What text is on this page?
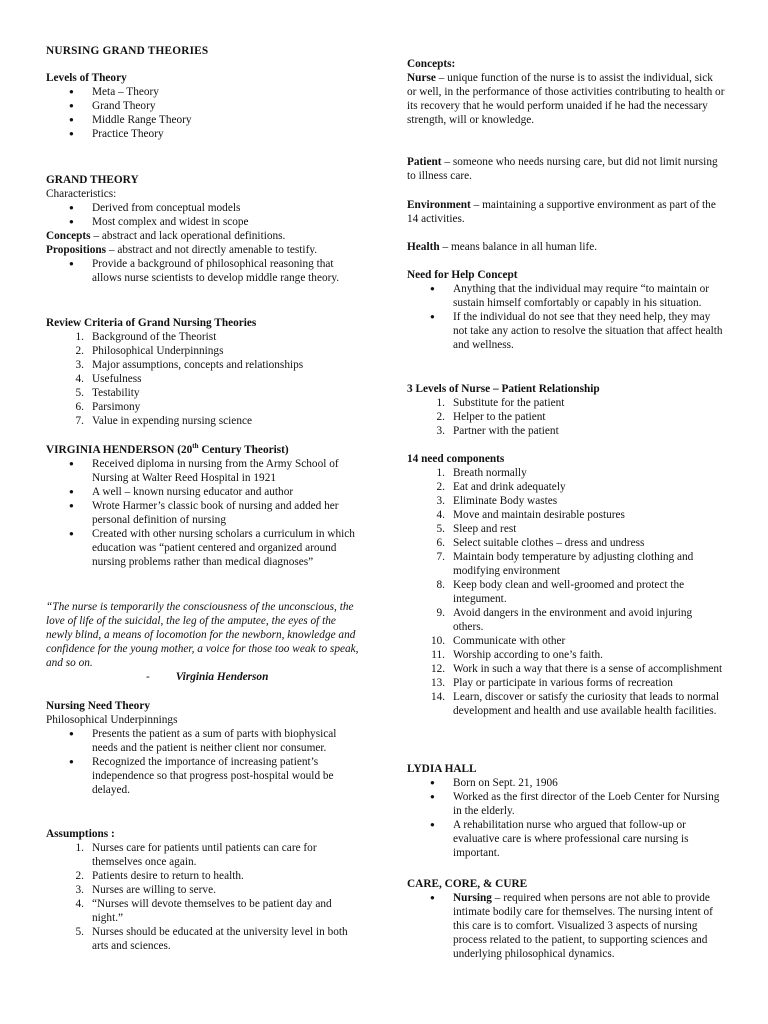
NURSING GRAND THEORIES
Levels of Theory
● Meta – Theory
● Grand Theory
● Middle Range Theory
● Practice Theory
GRAND THEORY
Characteristics:
● Derived from conceptual models
● Most complex and widest in scope

Concepts – abstract and lack operational definitions.

Propositions – abstract and not directly amenable to testify.

● Provide a background of philosophical reasoning that allows nurse scientists to develop middle range theory.
Review Criteria of Grand Nursing Theories
1. Background of the Theorist
2. Philosophical Underpinnings
3. Major assumptions, concepts and relationships
4. Usefulness
5. Testability
6. Parsimony
7. Value in expending nursing science
VIRGINIA HENDERSON (20th Century Theorist)
● Received diploma in nursing from the Army School of Nursing at Walter Reed Hospital in 1921
● A well – known nursing educator and author
● Wrote Harmer’s classic book of nursing and added her personal definition of nursing
● Created with other nursing scholars a curriculum in which education was “patient centered and organized around nursing problems rather than medical diagnoses”

“The nurse is temporarily the consciousness of the unconscious, the love of life of the suicidal, the leg of the amputee, the eyes of the newly blind, a means of locomotion for the newborn, knowledge and confidence for the young mother, a voice for those too weak to speak, and so on.

- Virginia Henderson

Nursing Need Theory
Philosophical Underpinnings
● Presents the patient as a sum of parts with biophysical needs and the patient is neither client nor consumer.
● Recognized the importance of increasing patient’s independence so that progress post-hospital would be delayed.
Assumptions :
1. Nurses care for patients until patients can care for themselves once again.
2. Patients desire to return to health.
3. Nurses are willing to serve.
4. “Nurses will devote themselves to be patient day and night.”
5. Nurses should be educated at the university level in both arts and sciences.
Concepts:

Nurse – unique function of the nurse is to assist the individual, sick or well, in the performance of those activities contributing to health or its recovery that he would perform unaided if he had the necessary strength, will or knowledge.

Patient – someone who needs nursing care, but did not limit nursing to illness care.

Environment – maintaining a supportive environment as part of the 14 activities.

Health – means balance in all human life.

Need for Help Concept
● Anything that the individual may require “to maintain or sustain himself comfortably or capably in his situation.
● If the individual do not see that they need help, they may not take any action to resolve the situation that affect health and wellness.
3 Levels of Nurse – Patient Relationship
1. Substitute for the patient
2. Helper to the patient
3. Partner with the patient
14 need components
1. Breath normally
2. Eat and drink adequately
3. Eliminate Body wastes
4. Move and maintain desirable postures
5. Sleep and rest
6. Select suitable clothes – dress and undress
7. Maintain body temperature by adjusting clothing and modifying environment
8. Keep body clean and well-groomed and protect the integument.
9. Avoid dangers in the environment and avoid injuring others.
10. Communicate with other
11. Worship according to one’s faith.
12. Work in such a way that there is a sense of accomplishment
13. Play or participate in various forms of recreation
14. Learn, discover or satisfy the curiosity that leads to normal development and health and use available health facilities.
LYDIA HALL
● Born on Sept. 21, 1906
● Worked as the first director of the Loeb Center for Nursing in the elderly.
● A rehabilitation nurse who argued that follow-up or evaluative care is where professional care nursing is important.
CARE, CORE, & CURE
● Nursing – required when persons are not able to provide intimate bodily care for themselves. The nursing intent of this care is to comfort. Visualized 3 aspects of nursing process related to the patient, to supporting sciences and underlying philosophical dynamics.
